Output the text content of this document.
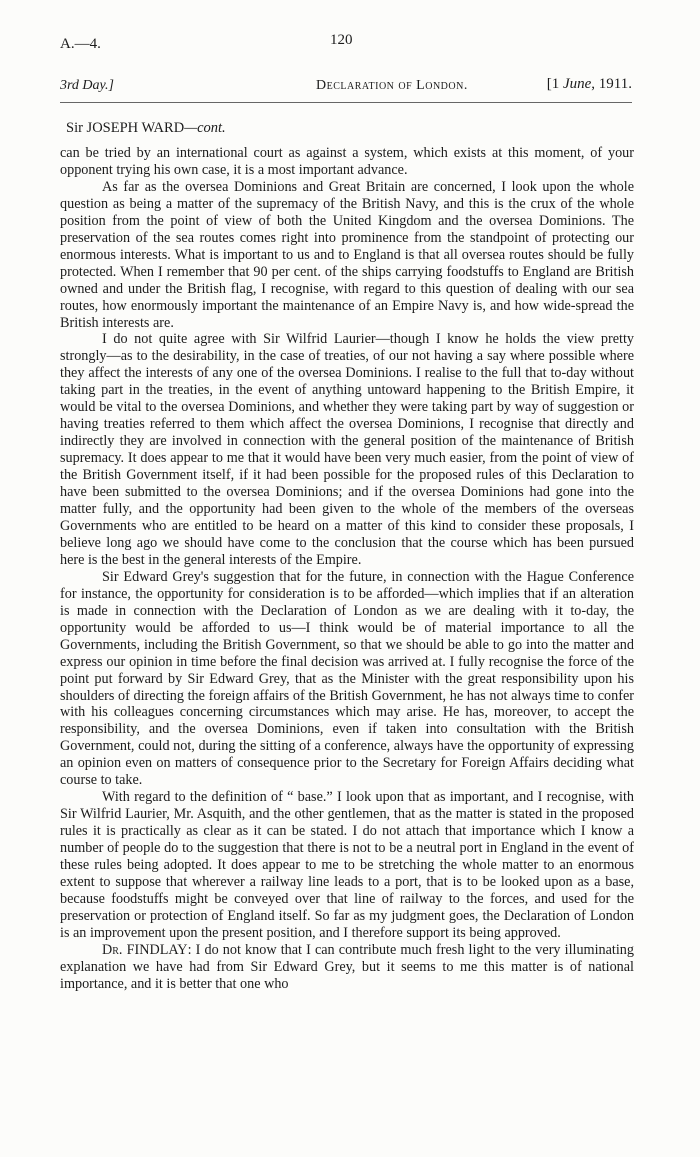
A.—4.	120
3rd Day.]	Declaration of London.	[1 June, 1911.
Sir JOSEPH WARD—cont.

can be tried by an international court as against a system, which exists at this moment, of your opponent trying his own case, it is a most important advance.

As far as the oversea Dominions and Great Britain are concerned, I look upon the whole question as being a matter of the supremacy of the British Navy, and this is the crux of the whole position from the point of view of both the United Kingdom and the oversea Dominions. The preservation of the sea routes comes right into prominence from the standpoint of protecting our enormous interests. What is important to us and to England is that all oversea routes should be fully protected. When I remember that 90 per cent. of the ships carrying foodstuffs to England are British owned and under the British flag, I recognise, with regard to this question of dealing with our sea routes, how enormously important the maintenance of an Empire Navy is, and how wide-spread the British interests are.

I do not quite agree with Sir Wilfrid Laurier—though I know he holds the view pretty strongly—as to the desirability, in the case of treaties, of our not having a say where possible where they affect the interests of any one of the oversea Dominions. I realise to the full that to-day without taking part in the treaties, in the event of anything untoward happening to the British Empire, it would be vital to the oversea Dominions, and whether they were taking part by way of suggestion or having treaties referred to them which affect the oversea Dominions, I recognise that directly and indirectly they are involved in connection with the general position of the maintenance of British supremacy. It does appear to me that it would have been very much easier, from the point of view of the British Government itself, if it had been possible for the proposed rules of this Declaration to have been submitted to the oversea Dominions; and if the oversea Dominions had gone into the matter fully, and the opportunity had been given to the whole of the members of the overseas Governments who are entitled to be heard on a matter of this kind to consider these proposals, I believe long ago we should have come to the conclusion that the course which has been pursued here is the best in the general interests of the Empire.

Sir Edward Grey's suggestion that for the future, in connection with the Hague Conference for instance, the opportunity for consideration is to be afforded—which implies that if an alteration is made in connection with the Declaration of London as we are dealing with it to-day, the opportunity would be afforded to us—I think would be of material importance to all the Governments, including the British Government, so that we should be able to go into the matter and express our opinion in time before the final decision was arrived at. I fully recognise the force of the point put forward by Sir Edward Grey, that as the Minister with the great responsibility upon his shoulders of directing the foreign affairs of the British Government, he has not always time to confer with his colleagues concerning circumstances which may arise. He has, moreover, to accept the responsibility, and the oversea Dominions, even if taken into consultation with the British Government, could not, during the sitting of a conference, always have the opportunity of expressing an opinion even on matters of consequence prior to the Secretary for Foreign Affairs deciding what course to take.

With regard to the definition of “ base.” I look upon that as important, and I recognise, with Sir Wilfrid Laurier, Mr. Asquith, and the other gentlemen, that as the matter is stated in the proposed rules it is practically as clear as it can be stated. I do not attach that importance which I know a number of people do to the suggestion that there is not to be a neutral port in England in the event of these rules being adopted. It does appear to me to be stretching the whole matter to an enormous extent to suppose that wherever a railway line leads to a port, that is to be looked upon as a base, because foodstuffs might be conveyed over that line of railway to the forces, and used for the preservation or protection of England itself. So far as my judgment goes, the Declaration of London is an improvement upon the present position, and I therefore support its being approved.

Dr. FINDLAY: I do not know that I can contribute much fresh light to the very illuminating explanation we have had from Sir Edward Grey, but it seems to me this matter is of national importance, and it is better that one who
